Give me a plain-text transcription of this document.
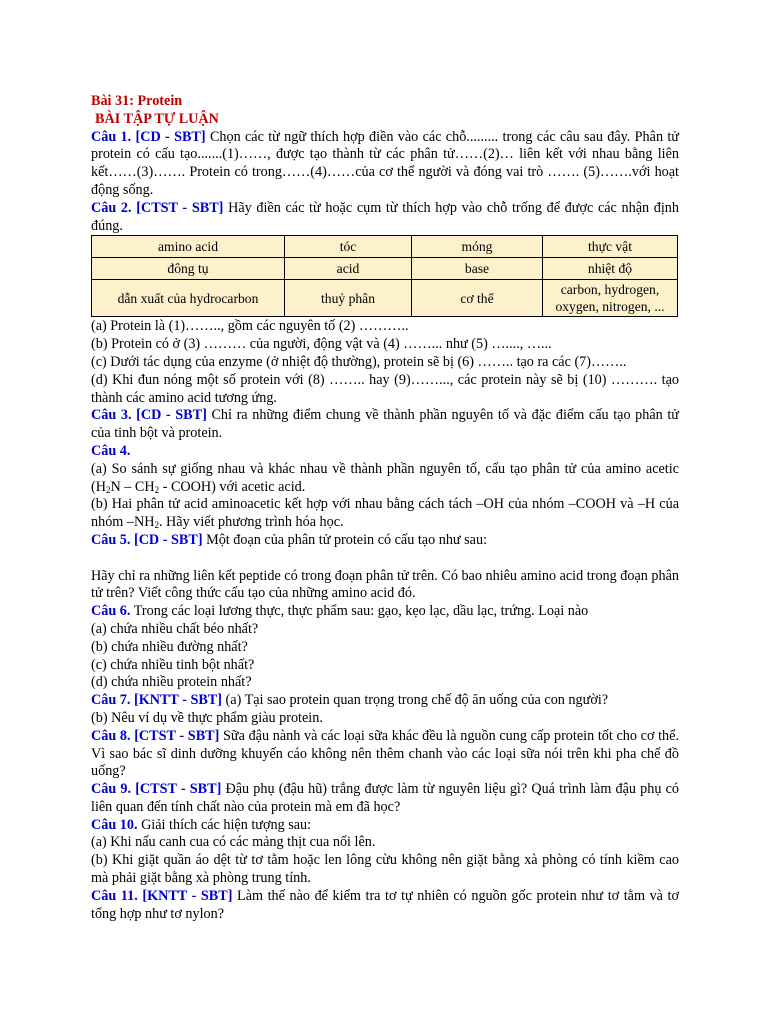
Bài 31: Protein
BÀI TẬP TỰ LUẬN

Câu 1. [CD - SBT] Chọn các từ ngữ thích hợp điền vào các chỗ......... trong các câu sau đây. Phân tử protein có cấu tạo.......(1)……, được tạo thành từ các phân tử……(2)… liên kết với nhau bằng liên kết……(3)……. Protein có trong……(4)……của cơ thể người và đóng vai trò ……. (5)…….với hoạt động sống.

Câu 2. [CTST - SBT] Hãy điền các từ hoặc cụm từ thích hợp vào chỗ trống để được các nhận định đúng.

amino acid	tóc	móng	thực vật
đông tụ	acid	base	nhiệt độ
dẫn xuất của hydrocarbon	thuỷ phân	cơ thể	carbon, hydrogen, oxygen, nitrogen, ...

(a) Protein là (1)…….., gồm các nguyên tố (2) ………..

(b) Protein có ở (3) ……… của người, động vật và (4) ……... như (5) …...., …...

(c) Dưới tác dụng của enzyme (ở nhiệt độ thường), protein sẽ bị (6) …….. tạo ra các (7)……..

(d) Khi đun nóng một số protein với (8) …….. hay (9)……..., các protein này sẽ bị (10) ………. tạo thành các amino acid tương ứng.

Câu 3. [CD - SBT] Chỉ ra những điểm chung về thành phần nguyên tố và đặc điểm cấu tạo phân tử của tinh bột và protein.

Câu 4.

(a) So sánh sự giống nhau và khác nhau về thành phần nguyên tố, cấu tạo phân tử của amino acetic ($H_2N - CH_2$ - COOH) với acetic acid.

(b) Hai phân tử acid aminoacetic kết hợp với nhau bằng cách tách –OH của nhóm –COOH và –H của nhóm $-NH_2$. Hãy viết phương trình hóa học.

Câu 5. [CD - SBT] Một đoạn của phân tử protein có cấu tạo như sau:

Hãy chỉ ra những liên kết peptide có trong đoạn phân tử trên. Có bao nhiêu amino acid trong đoạn phân tử trên? Viết công thức cấu tạo của những amino acid đó.

Câu 6. Trong các loại lương thực, thực phẩm sau: gạo, kẹo lạc, dầu lạc, trứng. Loại nào

(a) chứa nhiều chất béo nhất?

(b) chứa nhiều đường nhất?

(c) chứa nhiều tinh bột nhất?

(d) chứa nhiều protein nhất?

Câu 7. [KNTT - SBT] (a) Tại sao protein quan trọng trong chế độ ăn uống của con người?

(b) Nêu ví dụ về thực phẩm giàu protein.

Câu 8. [CTST - SBT] Sữa đậu nành và các loại sữa khác đều là nguồn cung cấp protein tốt cho cơ thể. Vì sao bác sĩ dinh dưỡng khuyến cáo không nên thêm chanh vào các loại sữa nói trên khi pha chế đồ uống?

Câu 9. [CTST - SBT] Đậu phụ (đậu hũ) trắng được làm từ nguyên liệu gì? Quá trình làm đậu phụ có liên quan đến tính chất nào của protein mà em đã học?

Câu 10. Giải thích các hiện tượng sau:

(a) Khi nấu canh cua có các mảng thịt cua nổi lên.

(b) Khi giặt quần áo dệt từ tơ tằm hoặc len lông cừu không nên giặt bằng xà phòng có tính kiềm cao mà phải giặt bằng xà phòng trung tính.

Câu 11. [KNTT - SBT] Làm thế nào để kiểm tra tơ tự nhiên có nguồn gốc protein như tơ tằm và tơ tổng hợp như tơ nylon?
